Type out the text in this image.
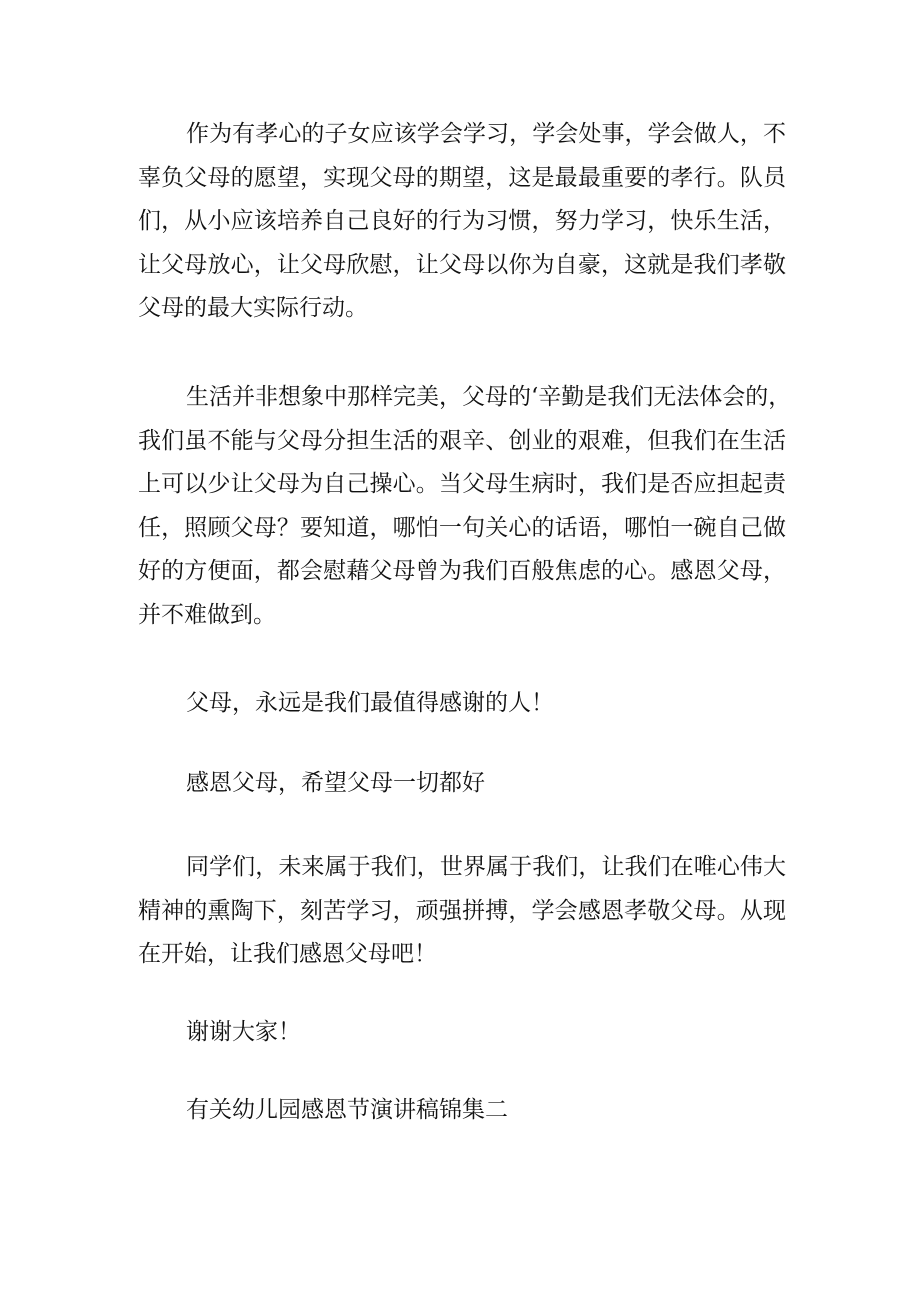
作为有孝心的子女应该学会学习，学会处事，学会做人，不
辜负父母的愿望，实现父母的期望，这是最最重要的孝行。队员
们，从小应该培养自己良好的行为习惯，努力学习，快乐生活，
让父母放心，让父母欣慰，让父母以你为自豪，这就是我们孝敬
父母的最大实际行动。

生活并非想象中那样完美，父母的‘辛勤是我们无法体会的，
我们虽不能与父母分担生活的艰辛、创业的艰难，但我们在生活
上可以少让父母为自己操心。当父母生病时，我们是否应担起责
任，照顾父母？要知道，哪怕一句关心的话语，哪怕一碗自己做
好的方便面，都会慰藉父母曾为我们百般焦虑的心。感恩父母，
并不难做到。

父母，永远是我们最值得感谢的人！

感恩父母，希望父母一切都好

同学们，未来属于我们，世界属于我们，让我们在唯心伟大
精神的熏陶下，刻苦学习，顽强拼搏，学会感恩孝敬父母。从现
在开始，让我们感恩父母吧！

谢谢大家！

有关幼儿园感恩节演讲稿锦集二
